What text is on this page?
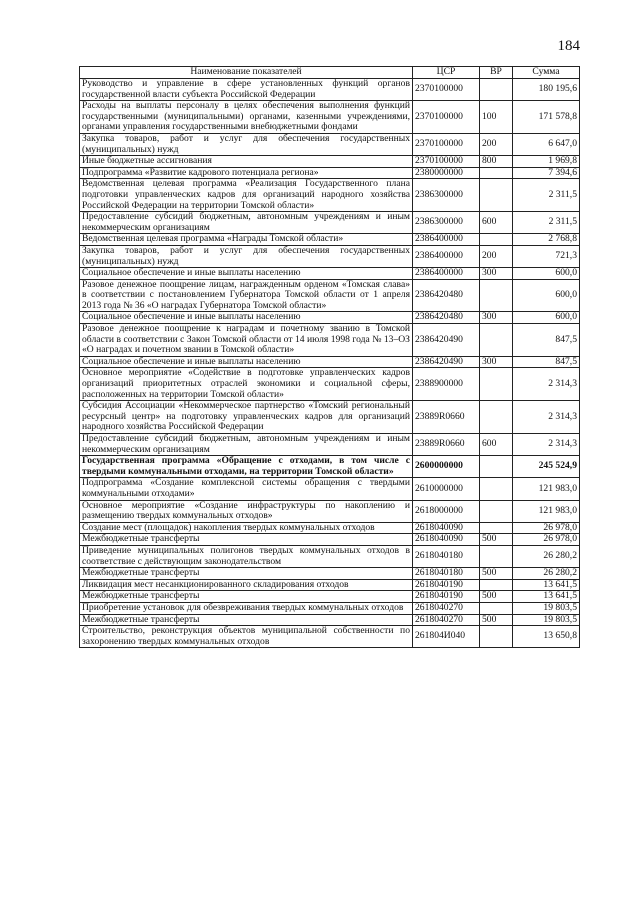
184
Наименование показателей	ЦСР	ВР	Сумма
Руководство и управление в сфере установленных функций органов государственной власти субъекта Российской Федерации	2370100000		180 195,6
Расходы на выплаты персоналу в целях обеспечения выполнения функций государственными (муниципальными) органами, казенными учреждениями, органами управления государственными внебюджетными фондами	2370100000	100	171 578,8
Закупка товаров, работ и услуг для обеспечения государственных (муниципальных) нужд	2370100000	200	6 647,0
Иные бюджетные ассигнования	2370100000	800	1 969,8
Подпрограмма «Развитие кадрового потенциала региона»	2380000000		7 394,6
Ведомственная целевая программа «Реализация Государственного плана подготовки управленческих кадров для организаций народного хозяйства Российской Федерации на территории Томской области»	2386300000		2 311,5
Предоставление субсидий бюджетным, автономным учреждениям и иным некоммерческим организациям	2386300000	600	2 311,5
Ведомственная целевая программа «Награды Томской области»	2386400000		2 768,8
Закупка товаров, работ и услуг для обеспечения государственных (муниципальных) нужд	2386400000	200	721,3
Социальное обеспечение и иные выплаты населению	2386400000	300	600,0
Разовое денежное поощрение лицам, награжденным орденом «Томская слава» в соответствии с постановлением Губернатора Томской области от 1 апреля 2013 года № 36 «О наградах Губернатора Томской области»	2386420480		600,0
Социальное обеспечение и иные выплаты населению	2386420480	300	600,0
Разовое денежное поощрение к наградам и почетному званию в Томской области в соответствии с Закон Томской области от 14 июля 1998 года № 13–ОЗ «О наградах и почетном звании в Томской области»	2386420490		847,5
Социальное обеспечение и иные выплаты населению	2386420490	300	847,5
Основное мероприятие «Содействие в подготовке управленческих кадров организаций приоритетных отраслей экономики и социальной сферы, расположенных на территории Томской области»	2388900000		2 314,3
Субсидия Ассоциации «Некоммерческое партнерство «Томский региональный ресурсный центр» на подготовку управленческих кадров для организаций народного хозяйства Российской Федерации	23889R0660		2 314,3
Предоставление субсидий бюджетным, автономным учреждениям и иным некоммерческим организациям	23889R0660	600	2 314,3
Государственная программа «Обращение с отходами, в том числе с твердыми коммунальными отходами, на территории Томской области»	2600000000		245 524,9
Подпрограмма «Создание комплексной системы обращения с твердыми коммунальными отходами»	2610000000		121 983,0
Основное мероприятие «Создание инфраструктуры по накоплению и размещению твердых коммунальных отходов»	2618000000		121 983,0
Создание мест (площадок) накопления твердых коммунальных отходов	2618040090		26 978,0
Межбюджетные трансферты	2618040090	500	26 978,0
Приведение муниципальных полигонов твердых коммунальных отходов в соответствие с действующим законодательством	2618040180		26 280,2
Межбюджетные трансферты	2618040180	500	26 280,2
Ликвидация мест несанкционированного складирования отходов	2618040190		13 641,5
Межбюджетные трансферты	2618040190	500	13 641,5
Приобретение установок для обезвреживания твердых коммунальных отходов	2618040270		19 803,5
Межбюджетные трансферты	2618040270	500	19 803,5
Строительство, реконструкция объектов муниципальной собственности по захоронению твердых коммунальных отходов	261804И040		13 650,8
